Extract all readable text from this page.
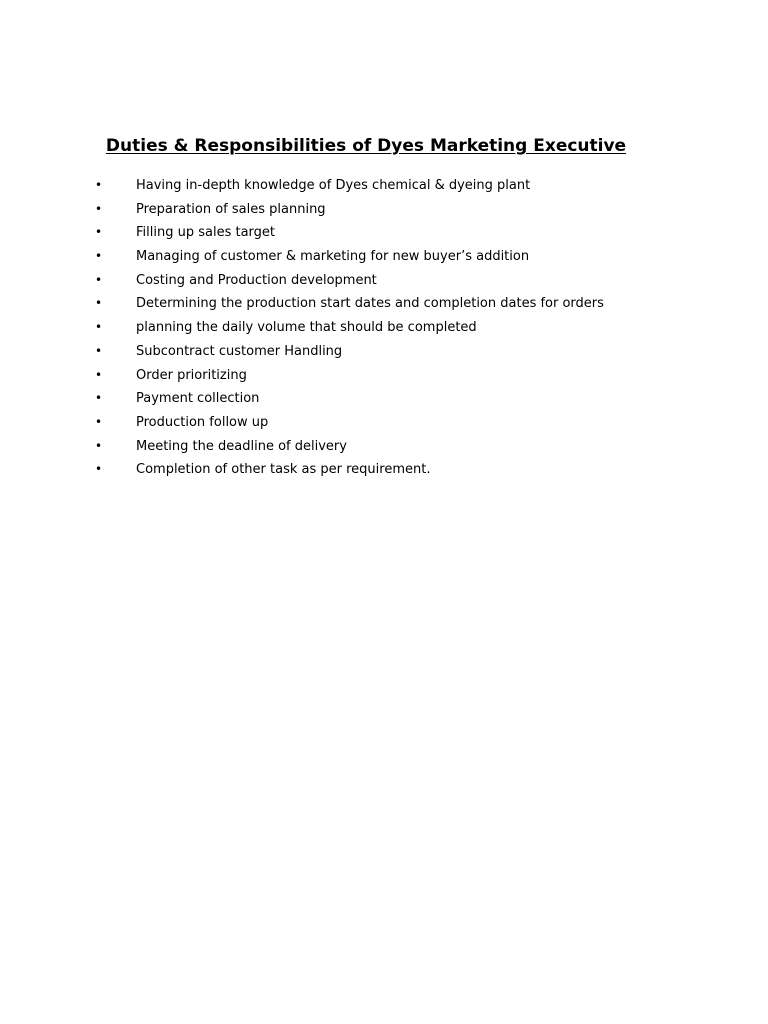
Duties & Responsibilities of Dyes Marketing Executive
•	Having in-depth knowledge of Dyes chemical & dyeing plant
•	Preparation of sales planning
•	Filling up sales target
•	Managing of customer & marketing for new buyer’s addition
•	Costing and Production development
•	Determining the production start dates and completion dates for orders
•	planning the daily volume that should be completed
•	Subcontract customer Handling
•	Order prioritizing
•	Payment collection
•	Production follow up
•	Meeting the deadline of delivery
•	Completion of other task as per requirement.
